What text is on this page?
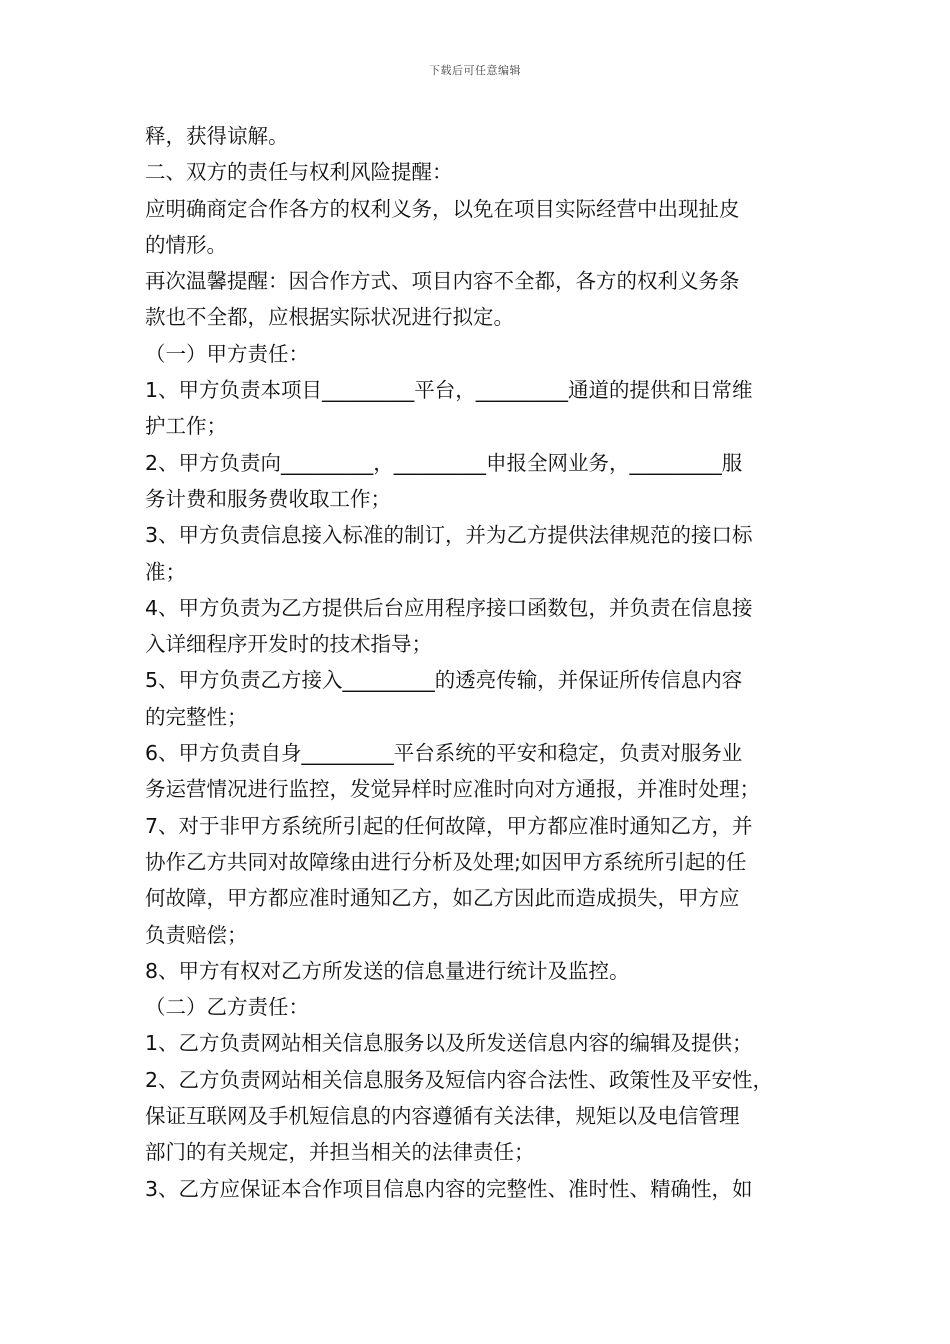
下载后可任意编辑
释，获得谅解。
二、双方的责任与权利风险提醒：
应明确商定合作各方的权利义务，以免在项目实际经营中出现扯皮
的情形。
再次温馨提醒：因合作方式、项目内容不全都，各方的权利义务条
款也不全都，应根据实际状况进行拟定。
（一）甲方责任：
1、甲方负责本项目_________平台，_________通道的提供和日常维
护工作；
2、甲方负责向_________，_________申报全网业务，_________服
务计费和服务费收取工作；
3、甲方负责信息接入标准的制订，并为乙方提供法律规范的接口标
准；
4、甲方负责为乙方提供后台应用程序接口函数包，并负责在信息接
入详细程序开发时的技术指导；
5、甲方负责乙方接入_________的透亮传输，并保证所传信息内容
的完整性；
6、甲方负责自身_________平台系统的平安和稳定，负责对服务业
务运营情况进行监控，发觉异样时应准时向对方通报，并准时处理；
7、对于非甲方系统所引起的任何故障，甲方都应准时通知乙方，并
协作乙方共同对故障缘由进行分析及处理;如因甲方系统所引起的任
何故障，甲方都应准时通知乙方，如乙方因此而造成损失，甲方应
负责赔偿；
8、甲方有权对乙方所发送的信息量进行统计及监控。
（二）乙方责任：
1、乙方负责网站相关信息服务以及所发送信息内容的编辑及提供；
2、乙方负责网站相关信息服务及短信内容合法性、政策性及平安性，
保证互联网及手机短信息的内容遵循有关法律，规矩以及电信管理
部门的有关规定，并担当相关的法律责任；
3、乙方应保证本合作项目信息内容的完整性、准时性、精确性，如
